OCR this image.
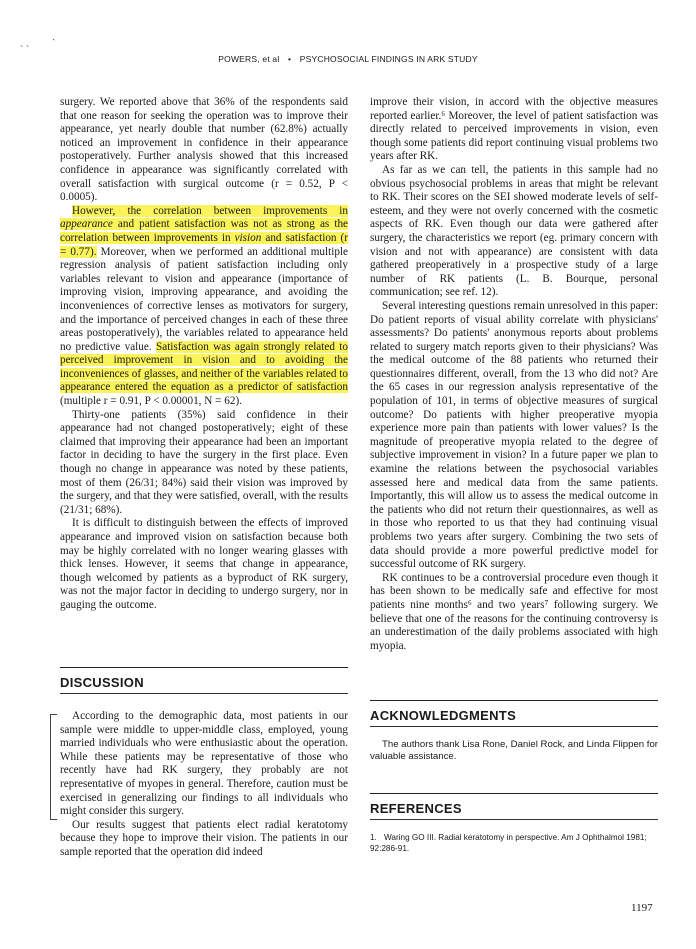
˴ ˴
ˏ
POWERS, et al • PSYCHOSOCIAL FINDINGS IN ARK STUDY

surgery. We reported above that 36% of the respondents said that one reason for seeking the operation was to improve their appearance, yet nearly double that number (62.8%) actually noticed an improvement in confidence in their appearance postoperatively. Further analysis showed that this increased confidence in appearance was significantly correlated with overall satisfaction with surgical outcome (r = 0.52, P < 0.0005).

However, the correlation between improvements in appearance and patient satisfaction was not as strong as the correlation between improvements in vision and satisfaction (r = 0.77). Moreover, when we performed an additional multiple regression analysis of patient satisfaction including only variables relevant to vision and appearance (importance of improving vision, improving appearance, and avoiding the inconveniences of corrective lenses as motivators for surgery, and the importance of perceived changes in each of these three areas postoperatively), the variables related to appearance held no predictive value. Satisfaction was again strongly related to perceived improvement in vision and to avoiding the inconveniences of glasses, and neither of the variables related to appearance entered the equation as a predictor of satisfaction (multiple r = 0.91, P < 0.00001, N = 62).

Thirty-one patients (35%) said confidence in their appearance had not changed postoperatively; eight of these claimed that improving their appearance had been an important factor in deciding to have the surgery in the first place. Even though no change in appearance was noted by these patients, most of them (26/31; 84%) said their vision was improved by the surgery, and that they were satisfied, overall, with the results (21/31; 68%).

It is difficult to distinguish between the effects of improved appearance and improved vision on satisfaction because both may be highly correlated with no longer wearing glasses with thick lenses. However, it seems that change in appearance, though welcomed by patients as a byproduct of RK surgery, was not the major factor in deciding to undergo surgery, nor in gauging the outcome.

DISCUSSION

According to the demographic data, most patients in our sample were middle to upper-middle class, employed, young married individuals who were enthusiastic about the operation. While these patients may be representative of those who recently have had RK surgery, they probably are not representative of myopes in general. Therefore, caution must be exercised in generalizing our findings to all individuals who might consider this surgery.

Our results suggest that patients elect radial keratotomy because they hope to improve their vision. The patients in our sample reported that the operation did indeed

improve their vision, in accord with the objective measures reported earlier.⁶ Moreover, the level of patient satisfaction was directly related to perceived improvements in vision, even though some patients did report continuing visual problems two years after RK.

As far as we can tell, the patients in this sample had no obvious psychosocial problems in areas that might be relevant to RK. Their scores on the SEI showed moderate levels of self-esteem, and they were not overly concerned with the cosmetic aspects of RK. Even though our data were gathered after surgery, the characteristics we report (eg. primary concern with vision and not with appearance) are consistent with data gathered preoperatively in a prospective study of a large number of RK patients (L. B. Bourque, personal communication; see ref. 12).

Several interesting questions remain unresolved in this paper: Do patient reports of visual ability correlate with physicians' assessments? Do patients' anonymous reports about problems related to surgery match reports given to their physicians? Was the medical outcome of the 88 patients who returned their questionnaires different, overall, from the 13 who did not? Are the 65 cases in our regression analysis representative of the population of 101, in terms of objective measures of surgical outcome? Do patients with higher preoperative myopia experience more pain than patients with lower values? Is the magnitude of preoperative myopia related to the degree of subjective improvement in vision? In a future paper we plan to examine the relations between the psychosocial variables assessed here and medical data from the same patients. Importantly, this will allow us to assess the medical outcome in the patients who did not return their questionnaires, as well as in those who reported to us that they had continuing visual problems two years after surgery. Combining the two sets of data should provide a more powerful predictive model for successful outcome of RK surgery.

RK continues to be a controversial procedure even though it has been shown to be medically safe and effective for most patients nine months⁶ and two years⁷ following surgery. We believe that one of the reasons for the continuing controversy is an underestimation of the daily problems associated with high myopia.

ACKNOWLEDGMENTS
The authors thank Lisa Rone, Daniel Rock, and Linda Flippen for valuable assistance.
REFERENCES
1. Waring GO III. Radial keratotomy in perspective. Am J Ophthalmol 1981; 92:286-91.
1197
